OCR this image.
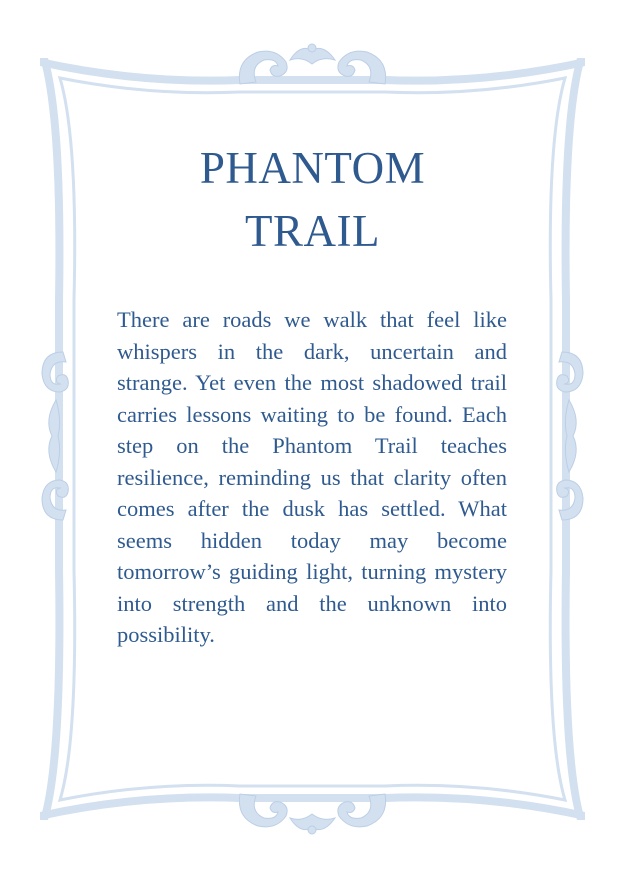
PHANTOM
TRAIL

There are roads we walk that feel like whispers in the dark, uncertain and strange. Yet even the most shadowed trail carries lessons waiting to be found. Each step on the Phantom Trail teaches resilience, reminding us that clarity often comes after the dusk has settled. What seems hidden today may become tomorrow’s guiding light, turning mystery into strength and the unknown into possibility.
